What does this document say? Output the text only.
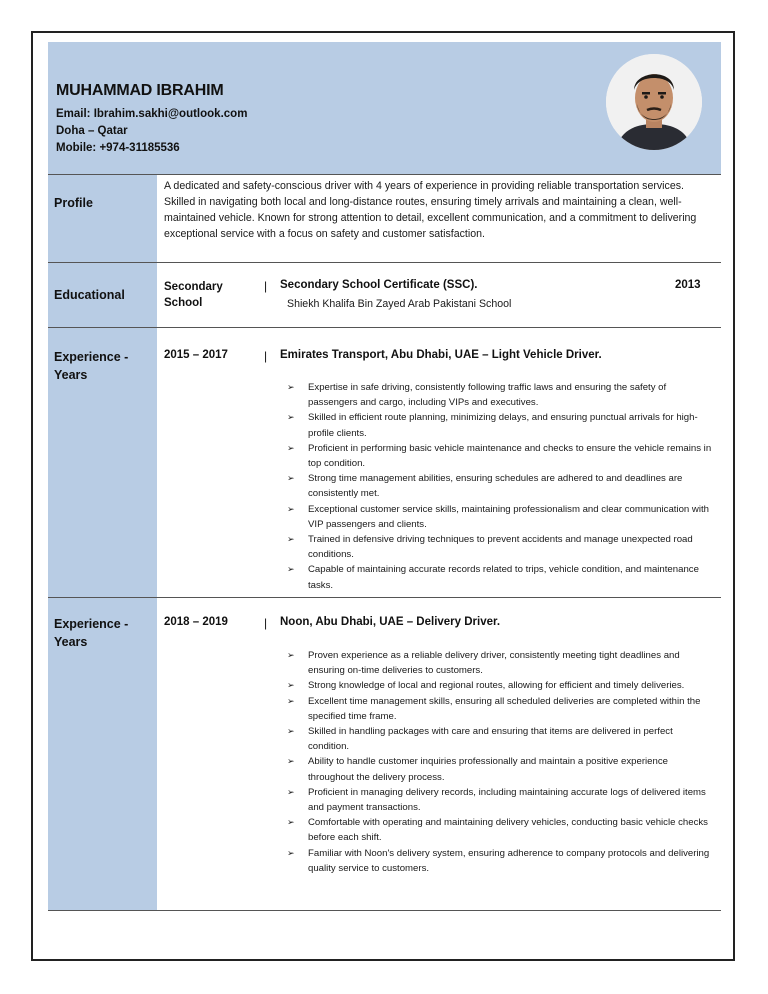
MUHAMMAD IBRAHIM
Email: Ibrahim.sakhi@outlook.com
Doha – Qatar
Mobile: +974-31185536
Profile
A dedicated and safety-conscious driver with 4 years of experience in providing reliable transportation services. Skilled in navigating both local and long-distance routes, ensuring timely arrivals and maintaining a clean, well-maintained vehicle. Known for strong attention to detail, excellent communication, and a commitment to delivering exceptional service with a focus on safety and customer satisfaction.
Educational
Secondary School
| Secondary School Certificate (SSC).	2013
Shiekh Khalifa Bin Zayed Arab Pakistani School
Experience - Years
2015 – 2017	| Emirates Transport, Abu Dhabi, UAE – Light Vehicle Driver.
➢ Expertise in safe driving, consistently following traffic laws and ensuring the safety of passengers and cargo, including VIPs and executives.
➢ Skilled in efficient route planning, minimizing delays, and ensuring punctual arrivals for high-profile clients.
➢ Proficient in performing basic vehicle maintenance and checks to ensure the vehicle remains in top condition.
➢ Strong time management abilities, ensuring schedules are adhered to and deadlines are consistently met.
➢ Exceptional customer service skills, maintaining professionalism and clear communication with VIP passengers and clients.
➢ Trained in defensive driving techniques to prevent accidents and manage unexpected road conditions.
➢ Capable of maintaining accurate records related to trips, vehicle condition, and maintenance tasks.
Experience - Years
2018 – 2019	| Noon, Abu Dhabi, UAE – Delivery Driver.
➢ Proven experience as a reliable delivery driver, consistently meeting tight deadlines and ensuring on-time deliveries to customers.
➢ Strong knowledge of local and regional routes, allowing for efficient and timely deliveries.
➢ Excellent time management skills, ensuring all scheduled deliveries are completed within the specified time frame.
➢ Skilled in handling packages with care and ensuring that items are delivered in perfect condition.
➢ Ability to handle customer inquiries professionally and maintain a positive experience throughout the delivery process.
➢ Proficient in managing delivery records, including maintaining accurate logs of delivered items and payment transactions.
➢ Comfortable with operating and maintaining delivery vehicles, conducting basic vehicle checks before each shift.
➢ Familiar with Noon's delivery system, ensuring adherence to company protocols and delivering quality service to customers.
